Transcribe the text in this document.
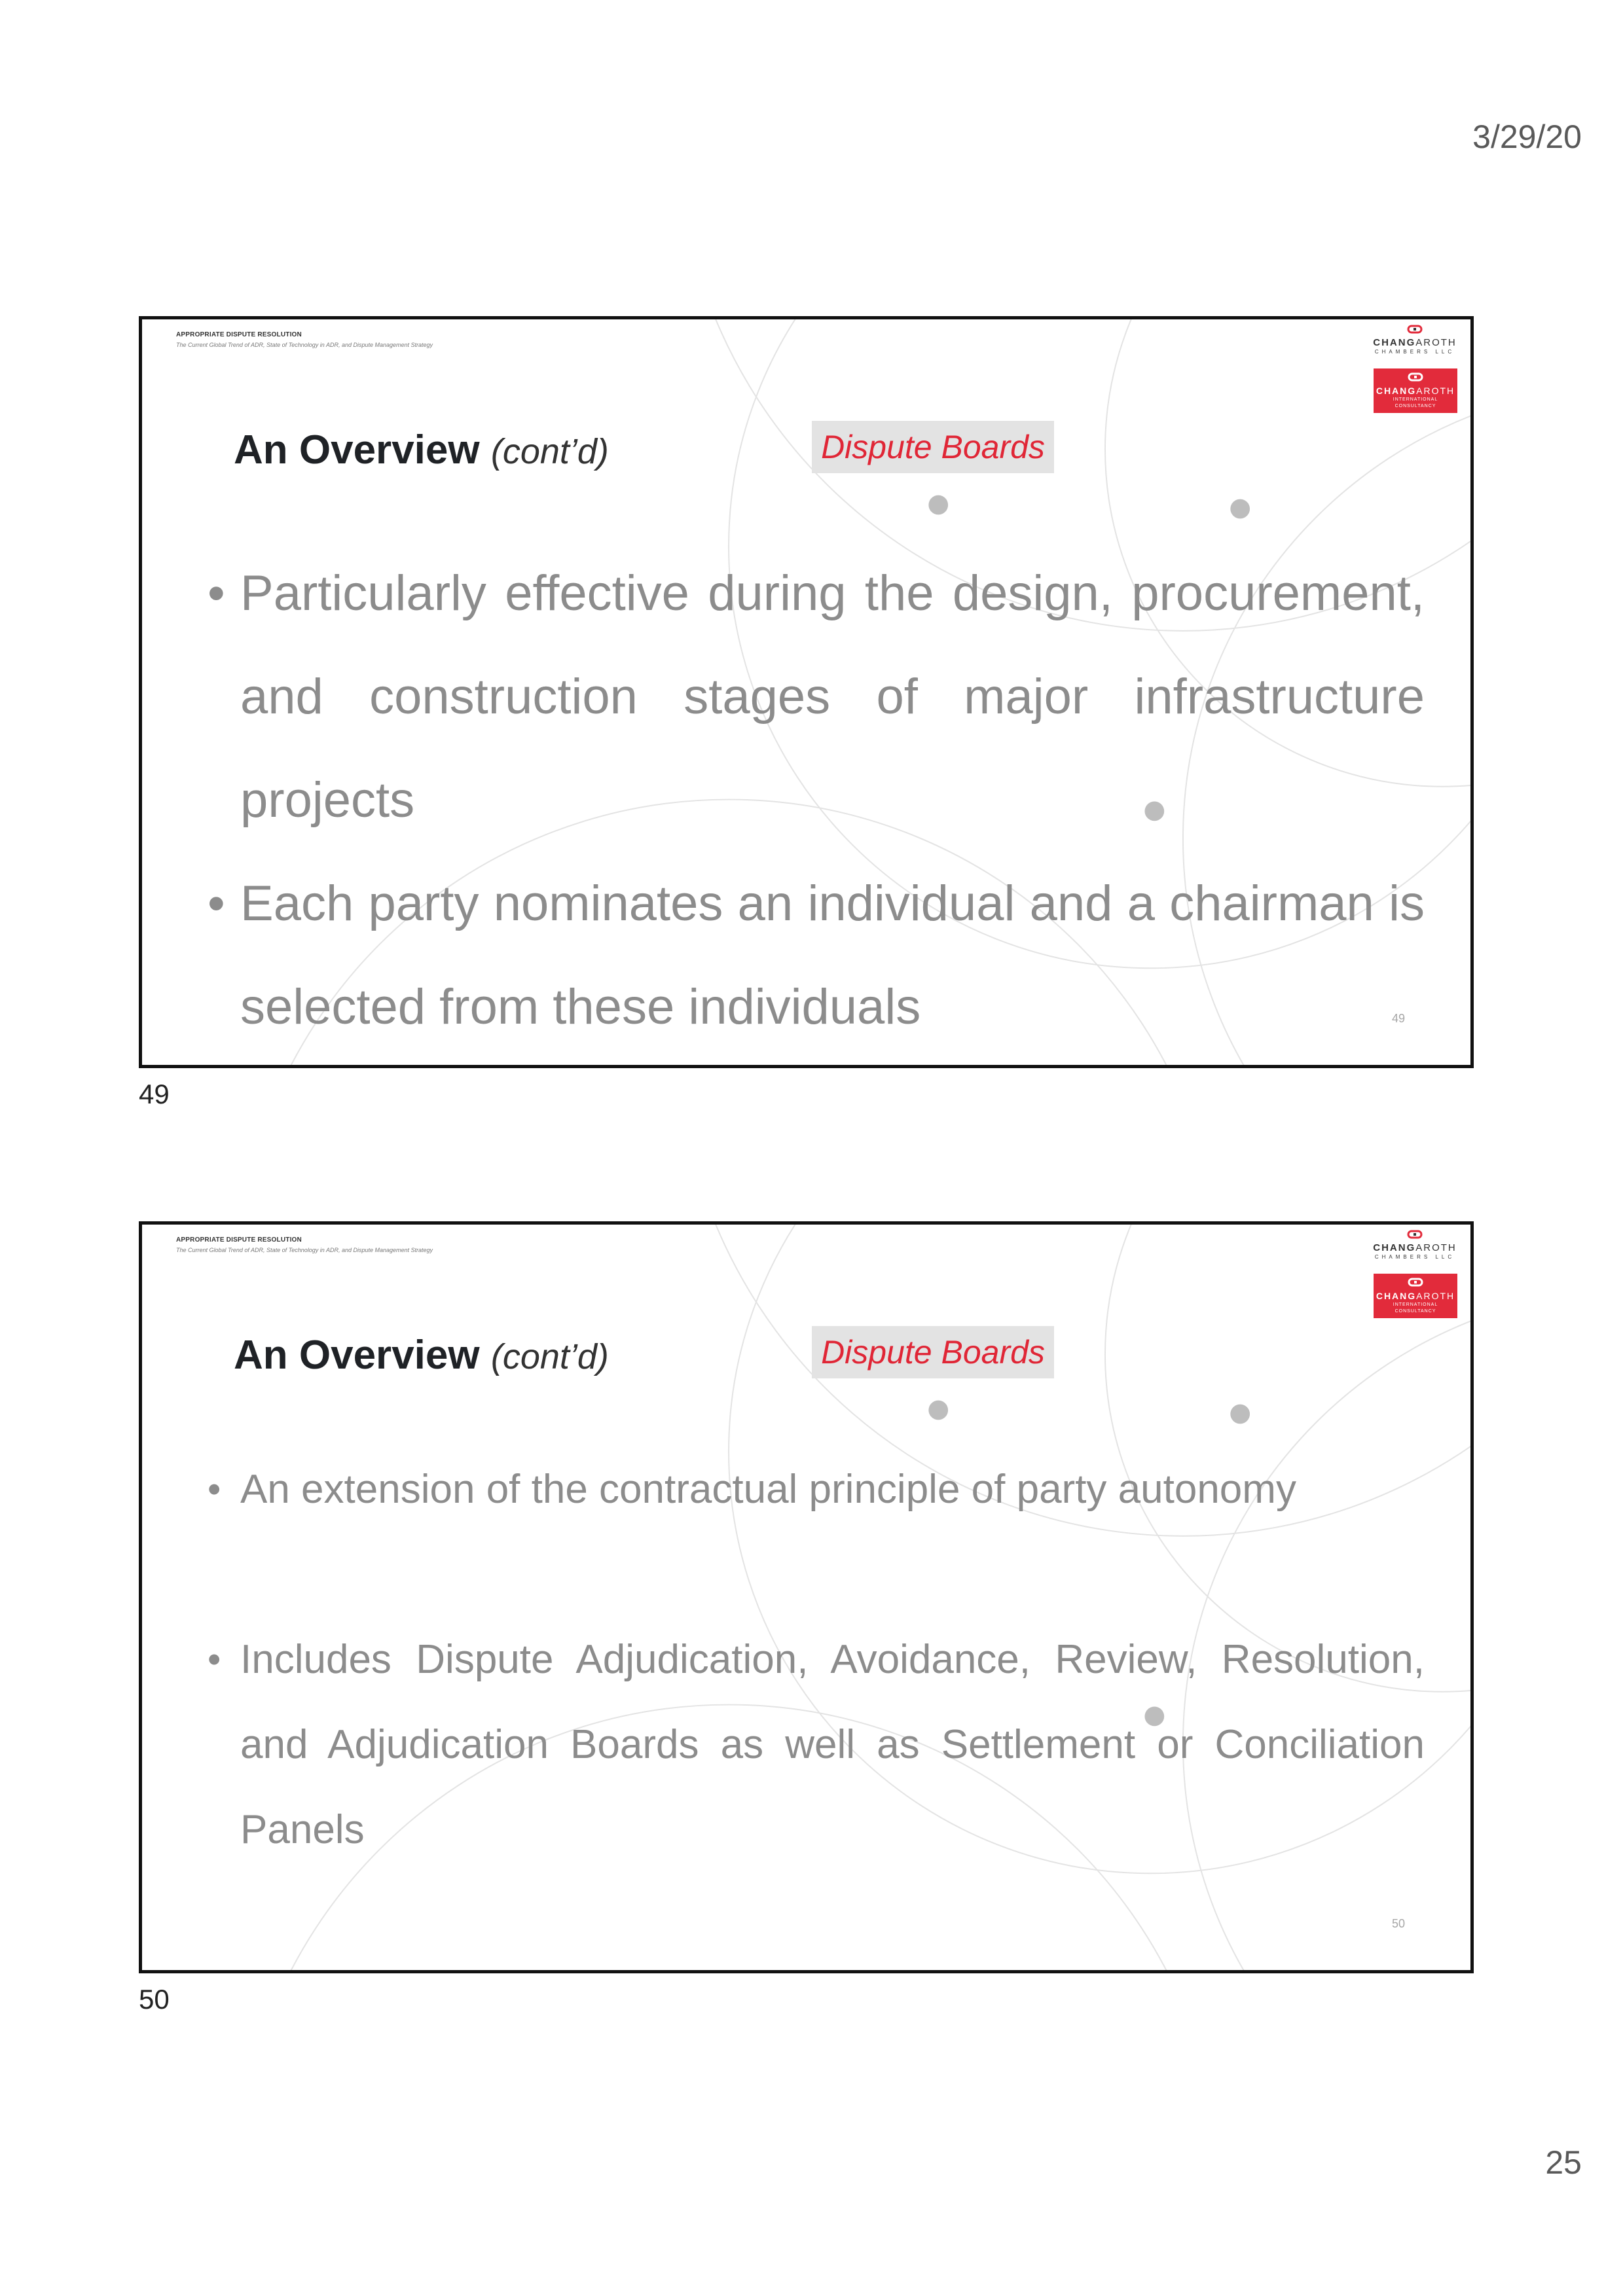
3/29/20
APPROPRIATE DISPUTE RESOLUTION
The Current Global Trend of ADR, State of Technology in ADR, and Dispute Management Strategy	CHANGAROTH
CHAMBERS LLC
CHANGAROTH
INTERNATIONAL CONSULTANCY
An Overview (cont’d)	Dispute Boards
• Particularly effective during the design, procurement, and construction stages of major infrastructure projects
• Each party nominates an individual and a chairman is selected from these individuals	49
49
APPROPRIATE DISPUTE RESOLUTION
The Current Global Trend of ADR, State of Technology in ADR, and Dispute Management Strategy	CHANGAROTH
CHAMBERS LLC
CHANGAROTH
INTERNATIONAL CONSULTANCY
An Overview (cont’d)	Dispute Boards
• An extension of the contractual principle of party autonomy
• Includes Dispute Adjudication, Avoidance, Review, Resolution, and Adjudication Boards as well as Settlement or Conciliation Panels
50
50
25
